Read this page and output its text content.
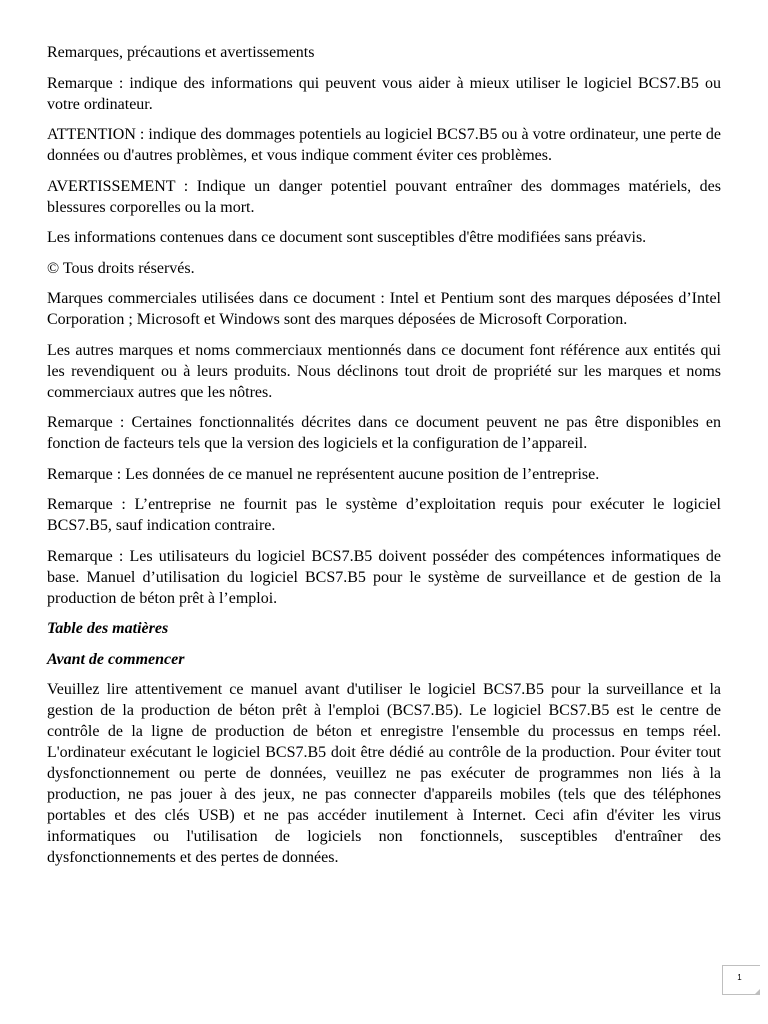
Remarques, précautions et avertissements

Remarque : indique des informations qui peuvent vous aider à mieux utiliser le logiciel BCS7.B5 ou votre ordinateur.

ATTENTION : indique des dommages potentiels au logiciel BCS7.B5 ou à votre ordinateur, une perte de données ou d'autres problèmes, et vous indique comment éviter ces problèmes.

AVERTISSEMENT : Indique un danger potentiel pouvant entraîner des dommages matériels, des blessures corporelles ou la mort.

Les informations contenues dans ce document sont susceptibles d'être modifiées sans préavis.

© Tous droits réservés.

Marques commerciales utilisées dans ce document : Intel et Pentium sont des marques déposées d’Intel Corporation ; Microsoft et Windows sont des marques déposées de Microsoft Corporation.

Les autres marques et noms commerciaux mentionnés dans ce document font référence aux entités qui les revendiquent ou à leurs produits. Nous déclinons tout droit de propriété sur les marques et noms commerciaux autres que les nôtres.

Remarque : Certaines fonctionnalités décrites dans ce document peuvent ne pas être disponibles en fonction de facteurs tels que la version des logiciels et la configuration de l’appareil.

Remarque : Les données de ce manuel ne représentent aucune position de l’entreprise.

Remarque : L’entreprise ne fournit pas le système d’exploitation requis pour exécuter le logiciel BCS7.B5, sauf indication contraire.

Remarque : Les utilisateurs du logiciel BCS7.B5 doivent posséder des compétences informatiques de base. Manuel d’utilisation du logiciel BCS7.B5 pour le système de surveillance et de gestion de la production de béton prêt à l’emploi.

Table des matières

Avant de commencer

Veuillez lire attentivement ce manuel avant d'utiliser le logiciel BCS7.B5 pour la surveillance et la gestion de la production de béton prêt à l'emploi (BCS7.B5). Le logiciel BCS7.B5 est le centre de contrôle de la ligne de production de béton et enregistre l'ensemble du processus en temps réel. L'ordinateur exécutant le logiciel BCS7.B5 doit être dédié au contrôle de la production. Pour éviter tout dysfonctionnement ou perte de données, veuillez ne pas exécuter de programmes non liés à la production, ne pas jouer à des jeux, ne pas connecter d'appareils mobiles (tels que des téléphones portables et des clés USB) et ne pas accéder inutilement à Internet. Ceci afin d'éviter les virus informatiques ou l'utilisation de logiciels non fonctionnels, susceptibles d'entraîner des dysfonctionnements et des pertes de données.

1
